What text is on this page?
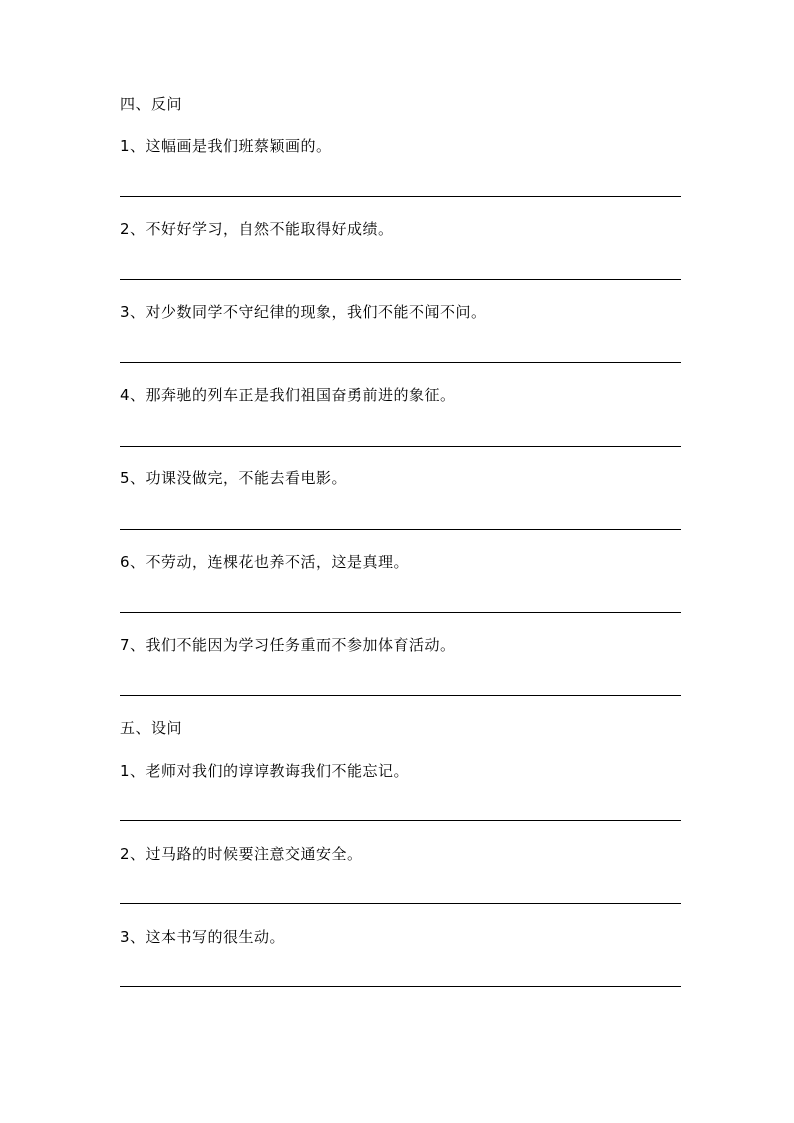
四、反问
1、这幅画是我们班蔡颖画的。
2、不好好学习，自然不能取得好成绩。
3、对少数同学不守纪律的现象，我们不能不闻不问。
4、那奔驰的列车正是我们祖国奋勇前进的象征。
5、功课没做完，不能去看电影。
6、不劳动，连棵花也养不活，这是真理。
7、我们不能因为学习任务重而不参加体育活动。
五、设问
1、老师对我们的谆谆教诲我们不能忘记。
2、过马路的时候要注意交通安全。
3、这本书写的很生动。
